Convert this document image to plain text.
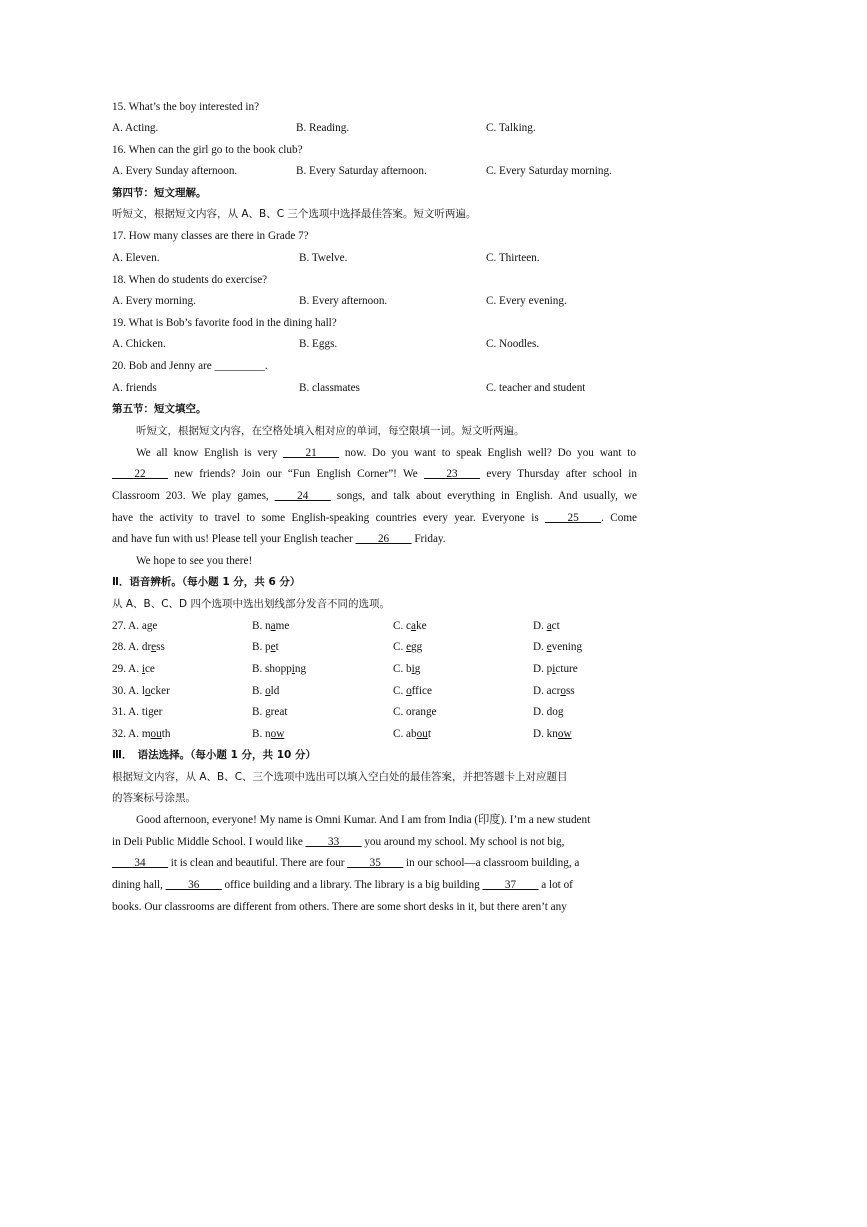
15. What’s the boy interested in?
A. Acting.	B. Reading.	C. Talking.
16. When can the girl go to the book club?
A. Every Sunday afternoon.	B. Every Saturday afternoon.	C. Every Saturday morning.
第四节：短文理解。
听短文，根据短文内容，从 A、B、C 三个选项中选择最佳答案。短文听两遍。
17. How many classes are there in Grade 7?
A. Eleven.	B. Twelve.	C. Thirteen.
18. When do students do exercise?
A. Every morning.	B. Every afternoon.	C. Every evening.
19. What is Bob’s favorite food in the dining hall?
A. Chicken.	B. Eggs.	C. Noodles.
20. Bob and Jenny are _________.
A. friends	B. classmates	C. teacher and student
第五节：短文填空。
听短文，根据短文内容，在空格处填入相对应的单词，每空限填一词。短文听两遍。
We all know English is very ____21____ now. Do you want to speak English well? Do you want to
____22____ new friends? Join our “Fun English Corner”! We ____23____ every Thursday after school in
Classroom 203. We play games, ____24____ songs, and talk about everything in English. And usually, we
have the activity to travel to some English-speaking countries every year. Everyone is ____25____. Come
and have fun with us! Please tell your English teacher ____26____ Friday.
We hope to see you there!
Ⅱ．语音辨析。（每小题 1 分，共 6 分）
从 A、B、C、D 四个选项中选出划线部分发音不同的选项。
27. A. age	B. name	C. cake	D. act
28. A. dress	B. pet	C. egg	D. evening
29. A. ice	B. shopping	C. big	D. picture
30. A. locker	B. old	C. office	D. across
31. A. tiger	B. great	C. orange	D. dog
32. A. mouth	B. now	C. about	D. know
Ⅲ．　语法选择。（每小题 1 分，共 10 分）
根据短文内容，从 A、B、C、三个选项中选出可以填入空白处的最佳答案，并把答题卡上对应题目
的答案标号涂黑。
Good afternoon, everyone! My name is Omni Kumar. And I am from India (印度). I’m a new student
in Deli Public Middle School. I would like ____33____ you around my school. My school is not big,
____34____ it is clean and beautiful. There are four ____35____ in our school—a classroom building, a
dining hall, ____36____ office building and a library. The library is a big building ____37____ a lot of
books. Our classrooms are different from others. There are some short desks in it, but there aren’t any
